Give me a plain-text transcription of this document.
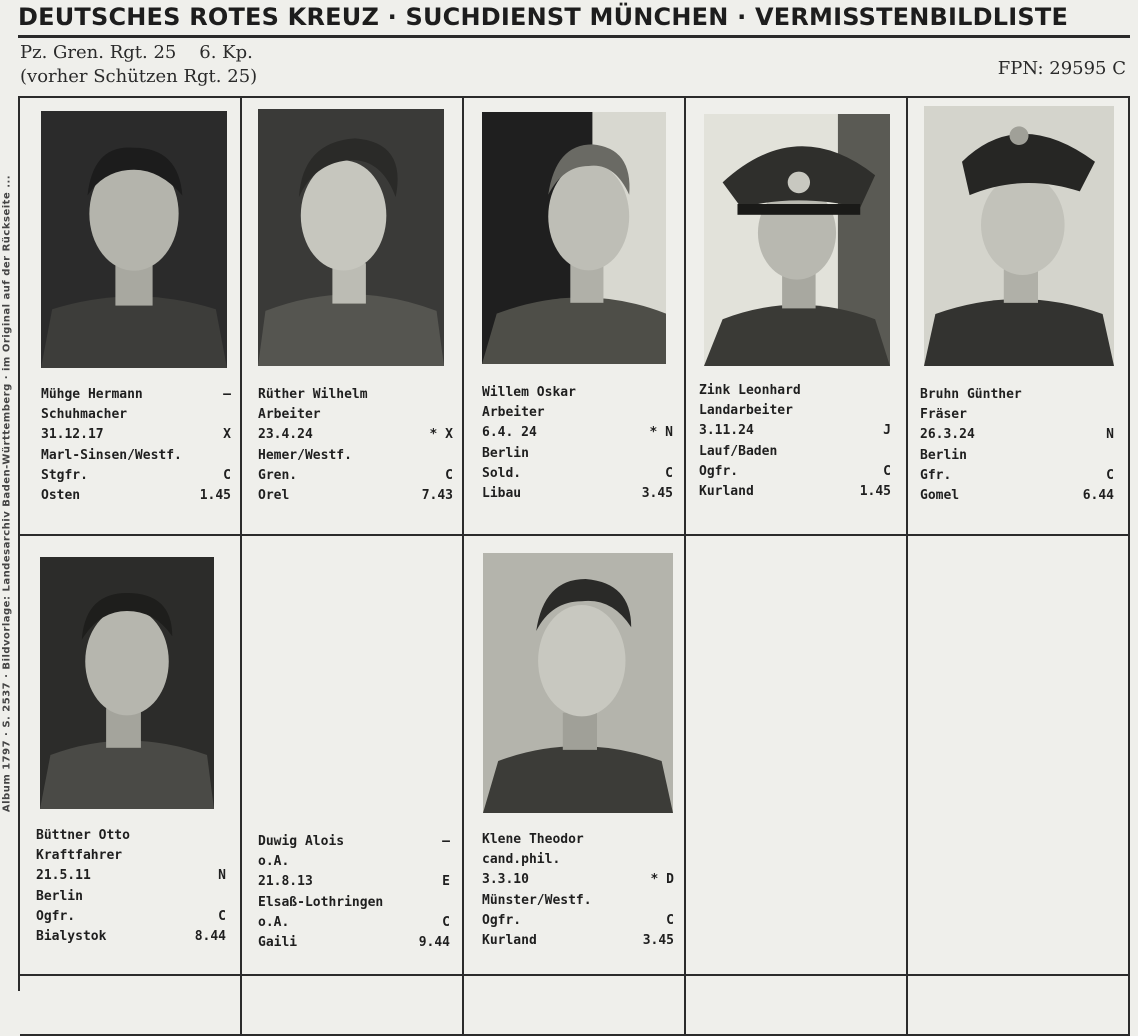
DEUTSCHES ROTES KREUZ · SUCHDIENST MÜNCHEN · VERMISSTENBILDLISTE
Pz. Gren. Rgt. 25    6. Kp.
(vorher Schützen Rgt. 25)	FPN: 29595 C
Album 1797 · S. 2537 · Bildvorlage: Landesarchiv Baden-Württemberg · im Original auf der Rückseite ... Mühge Hermann	–
Schuhmacher
31.12.17	X
Marl-Sinsen/Westf.
Stgfr.	C
Osten	1.45
Rüther Wilhelm
Arbeiter
23.4.24	* X
Hemer/Westf.
Gren.	C
Orel	7.43
Willem Oskar
Arbeiter
6.4. 24	* N
Berlin
Sold.	C
Libau	3.45
Zink Leonhard
Landarbeiter
3.11.24	J
Lauf/Baden
Ogfr.	C
Kurland	1.45
Bruhn Günther
Fräser
26.3.24	N
Berlin
Gfr.	C
Gomel	6.44
Büttner Otto
Kraftfahrer
21.5.11	N
Berlin
Ogfr.	C
Bialystok	8.44
Duwig Alois	–
o.A.
21.8.13	E
Elsaß-Lothringen
o.A.	C
Gaili	9.44
Klene Theodor
cand.phil.
3.3.10	* D
Münster/Westf.
Ogfr.	C
Kurland	3.45
